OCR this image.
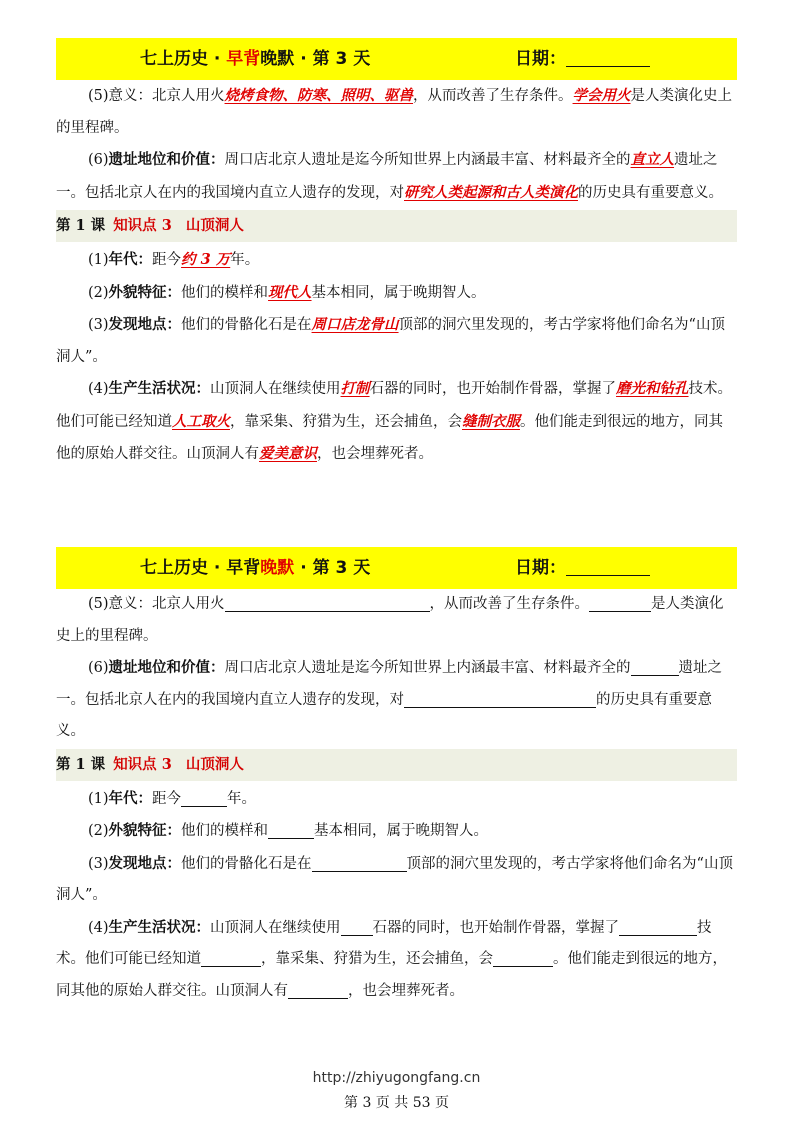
七上历史 · 早背晚默 · 第 3 天	日期：

(5)意义：北京人用火烧烤食物、防寒、照明、驱兽，从而改善了生存条件。学会用火是人类演化史上的里程碑。

(6)遗址地位和价值：周口店北京人遗址是迄今所知世界上内涵最丰富、材料最齐全的直立人遗址之一。包括北京人在内的我国境内直立人遗存的发现，对研究人类起源和古人类演化的历史具有重要意义。

第 1 课 知识点 3 山顶洞人

(1)年代：距今约 3 万年。

(2)外貌特征：他们的模样和现代人基本相同，属于晚期智人。

(3)发现地点：他们的骨骼化石是在周口店龙骨山顶部的洞穴里发现的，考古学家将他们命名为“山顶洞人”。

(4)生产生活状况：山顶洞人在继续使用打制石器的同时，也开始制作骨器，掌握了磨光和钻孔技术。他们可能已经知道人工取火，靠采集、狩猎为生，还会捕鱼，会缝制衣服。他们能走到很远的地方，同其他的原始人群交往。山顶洞人有爱美意识，也会埋葬死者。

七上历史 · 早背晚默 · 第 3 天	日期：

(5)意义：北京人用火	，从而改善了生存条件。	是人类演化史上的里程碑。

(6)遗址地位和价值：周口店北京人遗址是迄今所知世界上内涵最丰富、材料最齐全的	遗址之一。包括北京人在内的我国境内直立人遗存的发现，对	的历史具有重要意义。

第 1 课 知识点 3 山顶洞人

(1)年代：距今	年。

(2)外貌特征：他们的模样和	基本相同，属于晚期智人。

(3)发现地点：他们的骨骼化石是在	顶部的洞穴里发现的，考古学家将他们命名为“山顶洞人”。

(4)生产生活状况：山顶洞人在继续使用 石器的同时，也开始制作骨器，掌握了	技术。他们可能已经知道	，靠采集、狩猎为生，还会捕鱼，会	。他们能走到很远的地方，同其他的原始人群交往。山顶洞人有	，也会埋葬死者。

http://zhiyugongfang.cn
第 3 页 共 53 页
